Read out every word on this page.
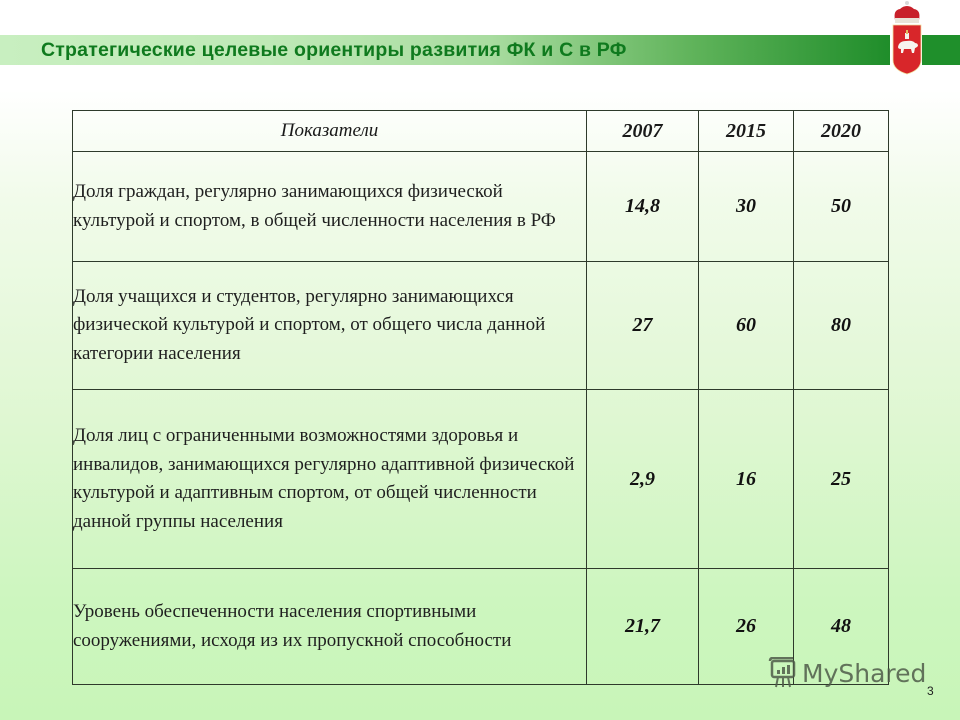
Стратегические целевые ориентиры развития ФК и С в РФ
Показатели	2007	2015	2020
Доля граждан, регулярно занимающихся физической культурой и спортом, в общей численности населения в РФ	14,8	30	50
Доля учащихся и студентов, регулярно занимающихся физической культурой и спортом, от общего числа данной категории населения	27	60	80
Доля лиц с ограниченными возможностями здоровья и инвалидов, занимающихся регулярно адаптивной физической культурой и адаптивным спортом, от общей численности данной группы населения	2,9	16	25
Уровень обеспеченности населения спортивными сооружениями, исходя из их пропускной способности	21,7	26	48
MyShared
3
